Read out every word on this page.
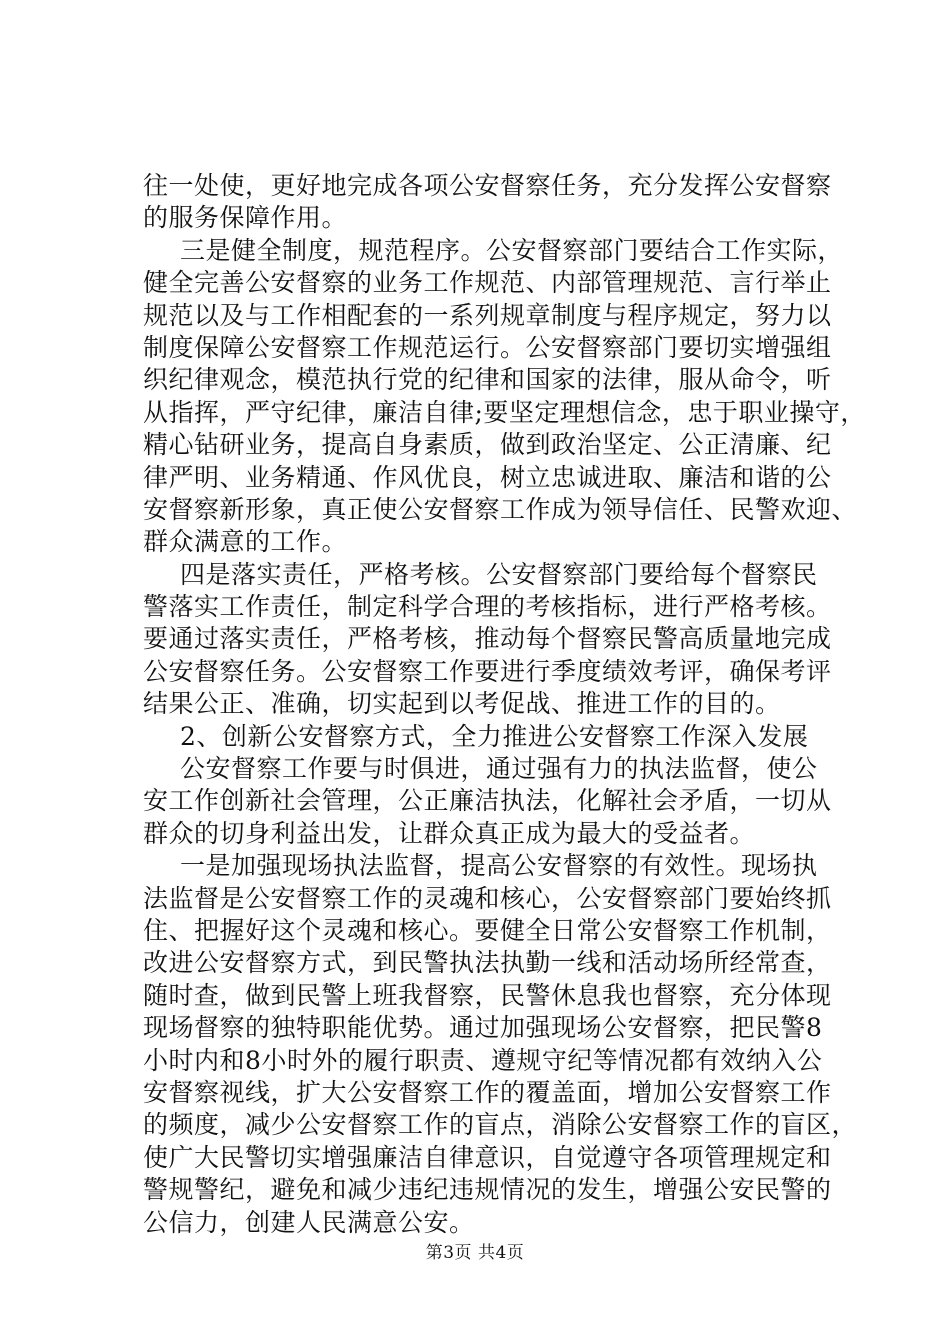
往一处使，更好地完成各项公安督察任务，充分发挥公安督察
的服务保障作用。
三是健全制度，规范程序。公安督察部门要结合工作实际，
健全完善公安督察的业务工作规范、内部管理规范、言行举止
规范以及与工作相配套的一系列规章制度与程序规定，努力以
制度保障公安督察工作规范运行。公安督察部门要切实增强组
织纪律观念，模范执行党的纪律和国家的法律，服从命令，听
从指挥，严守纪律，廉洁自律;要坚定理想信念，忠于职业操守，
精心钻研业务，提高自身素质，做到政治坚定、公正清廉、纪
律严明、业务精通、作风优良，树立忠诚进取、廉洁和谐的公
安督察新形象，真正使公安督察工作成为领导信任、民警欢迎、
群众满意的工作。
四是落实责任，严格考核。公安督察部门要给每个督察民
警落实工作责任，制定科学合理的考核指标，进行严格考核。
要通过落实责任，严格考核，推动每个督察民警高质量地完成
公安督察任务。公安督察工作要进行季度绩效考评，确保考评
结果公正、准确，切实起到以考促战、推进工作的目的。
2、创新公安督察方式，全力推进公安督察工作深入发展
公安督察工作要与时俱进，通过强有力的执法监督，使公
安工作创新社会管理，公正廉洁执法，化解社会矛盾，一切从
群众的切身利益出发，让群众真正成为最大的受益者。
一是加强现场执法监督，提高公安督察的有效性。现场执
法监督是公安督察工作的灵魂和核心，公安督察部门要始终抓
住、把握好这个灵魂和核心。要健全日常公安督察工作机制，
改进公安督察方式，到民警执法执勤一线和活动场所经常查，
随时查，做到民警上班我督察，民警休息我也督察，充分体现
现场督察的独特职能优势。通过加强现场公安督察，把民警8
小时内和8小时外的履行职责、遵规守纪等情况都有效纳入公
安督察视线，扩大公安督察工作的覆盖面，增加公安督察工作
的频度，减少公安督察工作的盲点，消除公安督察工作的盲区，
使广大民警切实增强廉洁自律意识，自觉遵守各项管理规定和
警规警纪，避免和减少违纪违规情况的发生，增强公安民警的
公信力，创建人民满意公安。
第3页 共4页
